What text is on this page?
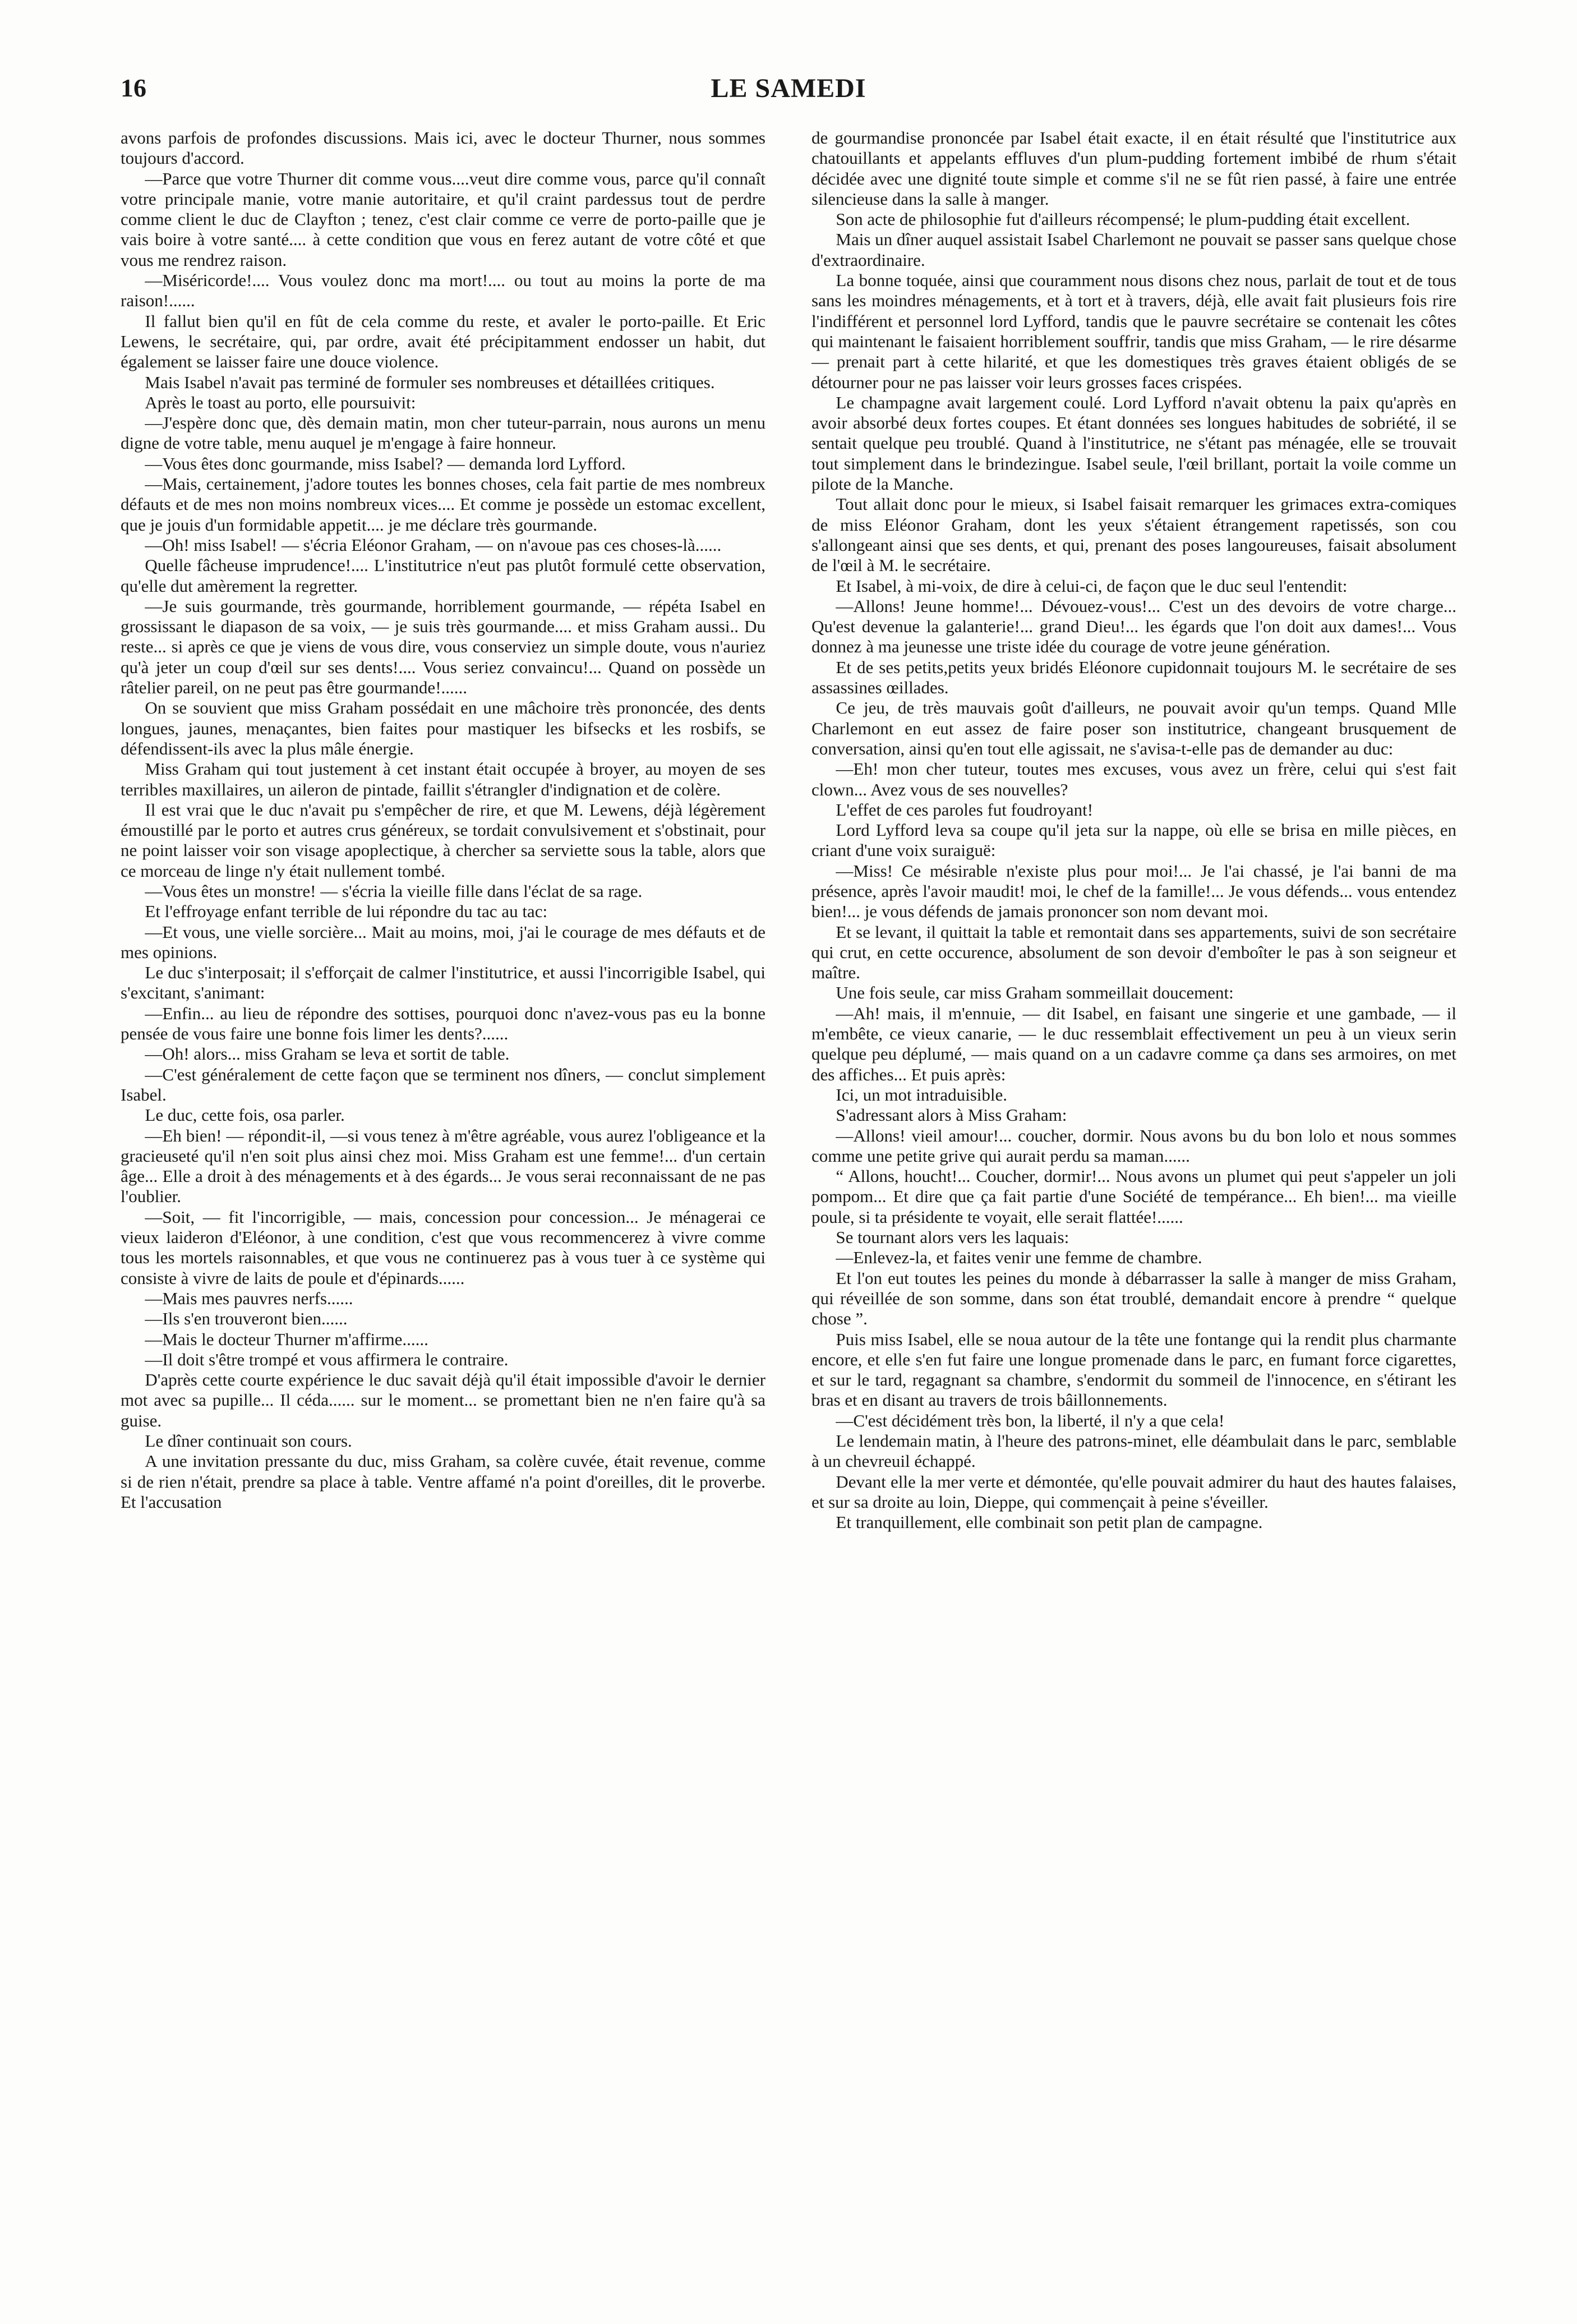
16	LE SAMEDI

avons parfois de profondes discussions. Mais ici, avec le docteur Thurner, nous sommes toujours d'accord.

—Parce que votre Thurner dit comme vous....veut dire comme vous, parce qu'il connaît votre principale manie, votre manie autoritaire, et qu'il craint pardessus tout de perdre comme client le duc de Clayfton ; tenez, c'est clair comme ce verre de porto-paille que je vais boire à votre santé.... à cette condition que vous en ferez autant de votre côté et que vous me rendrez raison.

—Miséricorde!.... Vous voulez donc ma mort!.... ou tout au moins la porte de ma raison!......

Il fallut bien qu'il en fût de cela comme du reste, et avaler le porto-paille. Et Eric Lewens, le secrétaire, qui, par ordre, avait été précipitamment endosser un habit, dut également se laisser faire une douce violence.

Mais Isabel n'avait pas terminé de formuler ses nombreuses et détaillées critiques.

Après le toast au porto, elle poursuivit:

—J'espère donc que, dès demain matin, mon cher tuteur-parrain, nous aurons un menu digne de votre table, menu auquel je m'engage à faire honneur.

—Vous êtes donc gourmande, miss Isabel? — demanda lord Lyfford.

—Mais, certainement, j'adore toutes les bonnes choses, cela fait partie de mes nombreux défauts et de mes non moins nombreux vices.... Et comme je possède un estomac excellent, que je jouis d'un formidable appetit.... je me déclare très gourmande.

—Oh! miss Isabel! — s'écria Eléonor Graham, — on n'avoue pas ces choses-là......

Quelle fâcheuse imprudence!.... L'institutrice n'eut pas plutôt formulé cette observation, qu'elle dut amèrement la regretter.

—Je suis gourmande, très gourmande, horriblement gourmande, — répéta Isabel en grossissant le diapason de sa voix, — je suis très gourmande.... et miss Graham aussi.. Du reste... si après ce que je viens de vous dire, vous conserviez un simple doute, vous n'auriez qu'à jeter un coup d'œil sur ses dents!.... Vous seriez convaincu!... Quand on possède un râtelier pareil, on ne peut pas être gourmande!......

On se souvient que miss Graham possédait en une mâchoire très prononcée, des dents longues, jaunes, menaçantes, bien faites pour mastiquer les bifsecks et les rosbifs, se défendissent-ils avec la plus mâle énergie.

Miss Graham qui tout justement à cet instant était occupée à broyer, au moyen de ses terribles maxillaires, un aileron de pintade, faillit s'étrangler d'indignation et de colère.

Il est vrai que le duc n'avait pu s'empêcher de rire, et que M. Lewens, déjà légèrement émoustillé par le porto et autres crus généreux, se tordait convulsivement et s'obstinait, pour ne point laisser voir son visage apoplectique, à chercher sa serviette sous la table, alors que ce morceau de linge n'y était nullement tombé.

—Vous êtes un monstre! — s'écria la vieille fille dans l'éclat de sa rage.

Et l'effroyage enfant terrible de lui répondre du tac au tac:

—Et vous, une vielle sorcière... Mait au moins, moi, j'ai le courage de mes défauts et de mes opinions.

Le duc s'interposait; il s'efforçait de calmer l'institutrice, et aussi l'incorrigible Isabel, qui s'excitant, s'animant:

—Enfin... au lieu de répondre des sottises, pourquoi donc n'avez-vous pas eu la bonne pensée de vous faire une bonne fois limer les dents?......

—Oh! alors... miss Graham se leva et sortit de table.

—C'est généralement de cette façon que se terminent nos dîners, — conclut simplement Isabel.

Le duc, cette fois, osa parler.

—Eh bien! — répondit-il, —si vous tenez à m'être agréable, vous aurez l'obligeance et la gracieuseté qu'il n'en soit plus ainsi chez moi. Miss Graham est une femme!... d'un certain âge... Elle a droit à des ménagements et à des égards... Je vous serai reconnaissant de ne pas l'oublier.

—Soit, — fit l'incorrigible, — mais, concession pour concession... Je ménagerai ce vieux laideron d'Eléonor, à une condition, c'est que vous recommencerez à vivre comme tous les mortels raisonnables, et que vous ne continuerez pas à vous tuer à ce système qui consiste à vivre de laits de poule et d'épinards......

—Mais mes pauvres nerfs......

—Ils s'en trouveront bien......

—Mais le docteur Thurner m'affirme......

—Il doit s'être trompé et vous affirmera le contraire.

D'après cette courte expérience le duc savait déjà qu'il était impossible d'avoir le dernier mot avec sa pupille... Il céda...... sur le moment... se promettant bien ne n'en faire qu'à sa guise.

Le dîner continuait son cours.

A une invitation pressante du duc, miss Graham, sa colère cuvée, était revenue, comme si de rien n'était, prendre sa place à table. Ventre affamé n'a point d'oreilles, dit le proverbe. Et l'accusation

de gourmandise prononcée par Isabel était exacte, il en était résulté que l'institutrice aux chatouillants et appelants effluves d'un plum-pudding fortement imbibé de rhum s'était décidée avec une dignité toute simple et comme s'il ne se fût rien passé, à faire une entrée silencieuse dans la salle à manger.

Son acte de philosophie fut d'ailleurs récompensé; le plum-pudding était excellent.

Mais un dîner auquel assistait Isabel Charlemont ne pouvait se passer sans quelque chose d'extraordinaire.

La bonne toquée, ainsi que couramment nous disons chez nous, parlait de tout et de tous sans les moindres ménagements, et à tort et à travers, déjà, elle avait fait plusieurs fois rire l'indifférent et personnel lord Lyfford, tandis que le pauvre secrétaire se contenait les côtes qui maintenant le faisaient horriblement souffrir, tandis que miss Graham, — le rire désarme — prenait part à cette hilarité, et que les domestiques très graves étaient obligés de se détourner pour ne pas laisser voir leurs grosses faces crispées.

Le champagne avait largement coulé. Lord Lyfford n'avait obtenu la paix qu'après en avoir absorbé deux fortes coupes. Et étant données ses longues habitudes de sobriété, il se sentait quelque peu troublé. Quand à l'institutrice, ne s'étant pas ménagée, elle se trouvait tout simplement dans le brindezingue. Isabel seule, l'œil brillant, portait la voile comme un pilote de la Manche.

Tout allait donc pour le mieux, si Isabel faisait remarquer les grimaces extra-comiques de miss Eléonor Graham, dont les yeux s'étaient étrangement rapetissés, son cou s'allongeant ainsi que ses dents, et qui, prenant des poses langoureuses, faisait absolument de l'œil à M. le secrétaire.

Et Isabel, à mi-voix, de dire à celui-ci, de façon que le duc seul l'entendit:

—Allons! Jeune homme!... Dévouez-vous!... C'est un des devoirs de votre charge... Qu'est devenue la galanterie!... grand Dieu!... les égards que l'on doit aux dames!... Vous donnez à ma jeunesse une triste idée du courage de votre jeune génération.

Et de ses petits,petits yeux bridés Eléonore cupidonnait toujours M. le secrétaire de ses assassines œillades.

Ce jeu, de très mauvais goût d'ailleurs, ne pouvait avoir qu'un temps. Quand Mlle Charlemont en eut assez de faire poser son institutrice, changeant brusquement de conversation, ainsi qu'en tout elle agissait, ne s'avisa-t-elle pas de demander au duc:

—Eh! mon cher tuteur, toutes mes excuses, vous avez un frère, celui qui s'est fait clown... Avez vous de ses nouvelles?

L'effet de ces paroles fut foudroyant!

Lord Lyfford leva sa coupe qu'il jeta sur la nappe, où elle se brisa en mille pièces, en criant d'une voix suraiguë:

—Miss! Ce mésirable n'existe plus pour moi!... Je l'ai chassé, je l'ai banni de ma présence, après l'avoir maudit! moi, le chef de la famille!... Je vous défends... vous entendez bien!... je vous défends de jamais prononcer son nom devant moi.

Et se levant, il quittait la table et remontait dans ses appartements, suivi de son secrétaire qui crut, en cette occurence, absolument de son devoir d'emboîter le pas à son seigneur et maître.

Une fois seule, car miss Graham sommeillait doucement:

—Ah! mais, il m'ennuie, — dit Isabel, en faisant une singerie et une gambade, — il m'embête, ce vieux canarie, — le duc ressemblait effectivement un peu à un vieux serin quelque peu déplumé, — mais quand on a un cadavre comme ça dans ses armoires, on met des affiches... Et puis après:

Ici, un mot intraduisible.

S'adressant alors à Miss Graham:

—Allons! vieil amour!... coucher, dormir. Nous avons bu du bon lolo et nous sommes comme une petite grive qui aurait perdu sa maman......

“ Allons, houcht!... Coucher, dormir!... Nous avons un plumet qui peut s'appeler un joli pompom... Et dire que ça fait partie d'une Société de tempérance... Eh bien!... ma vieille poule, si ta présidente te voyait, elle serait flattée!......

Se tournant alors vers les laquais:

—Enlevez-la, et faites venir une femme de chambre.

Et l'on eut toutes les peines du monde à débarrasser la salle à manger de miss Graham, qui réveillée de son somme, dans son état troublé, demandait encore à prendre “ quelque chose ”.

Puis miss Isabel, elle se noua autour de la tête une fontange qui la rendit plus charmante encore, et elle s'en fut faire une longue promenade dans le parc, en fumant force cigarettes, et sur le tard, regagnant sa chambre, s'endormit du sommeil de l'innocence, en s'étirant les bras et en disant au travers de trois bâillonnements.

—C'est décidément très bon, la liberté, il n'y a que cela!

Le lendemain matin, à l'heure des patrons-minet, elle déambulait dans le parc, semblable à un chevreuil échappé.

Devant elle la mer verte et démontée, qu'elle pouvait admirer du haut des hautes falaises, et sur sa droite au loin, Dieppe, qui commençait à peine s'éveiller.

Et tranquillement, elle combinait son petit plan de campagne.
